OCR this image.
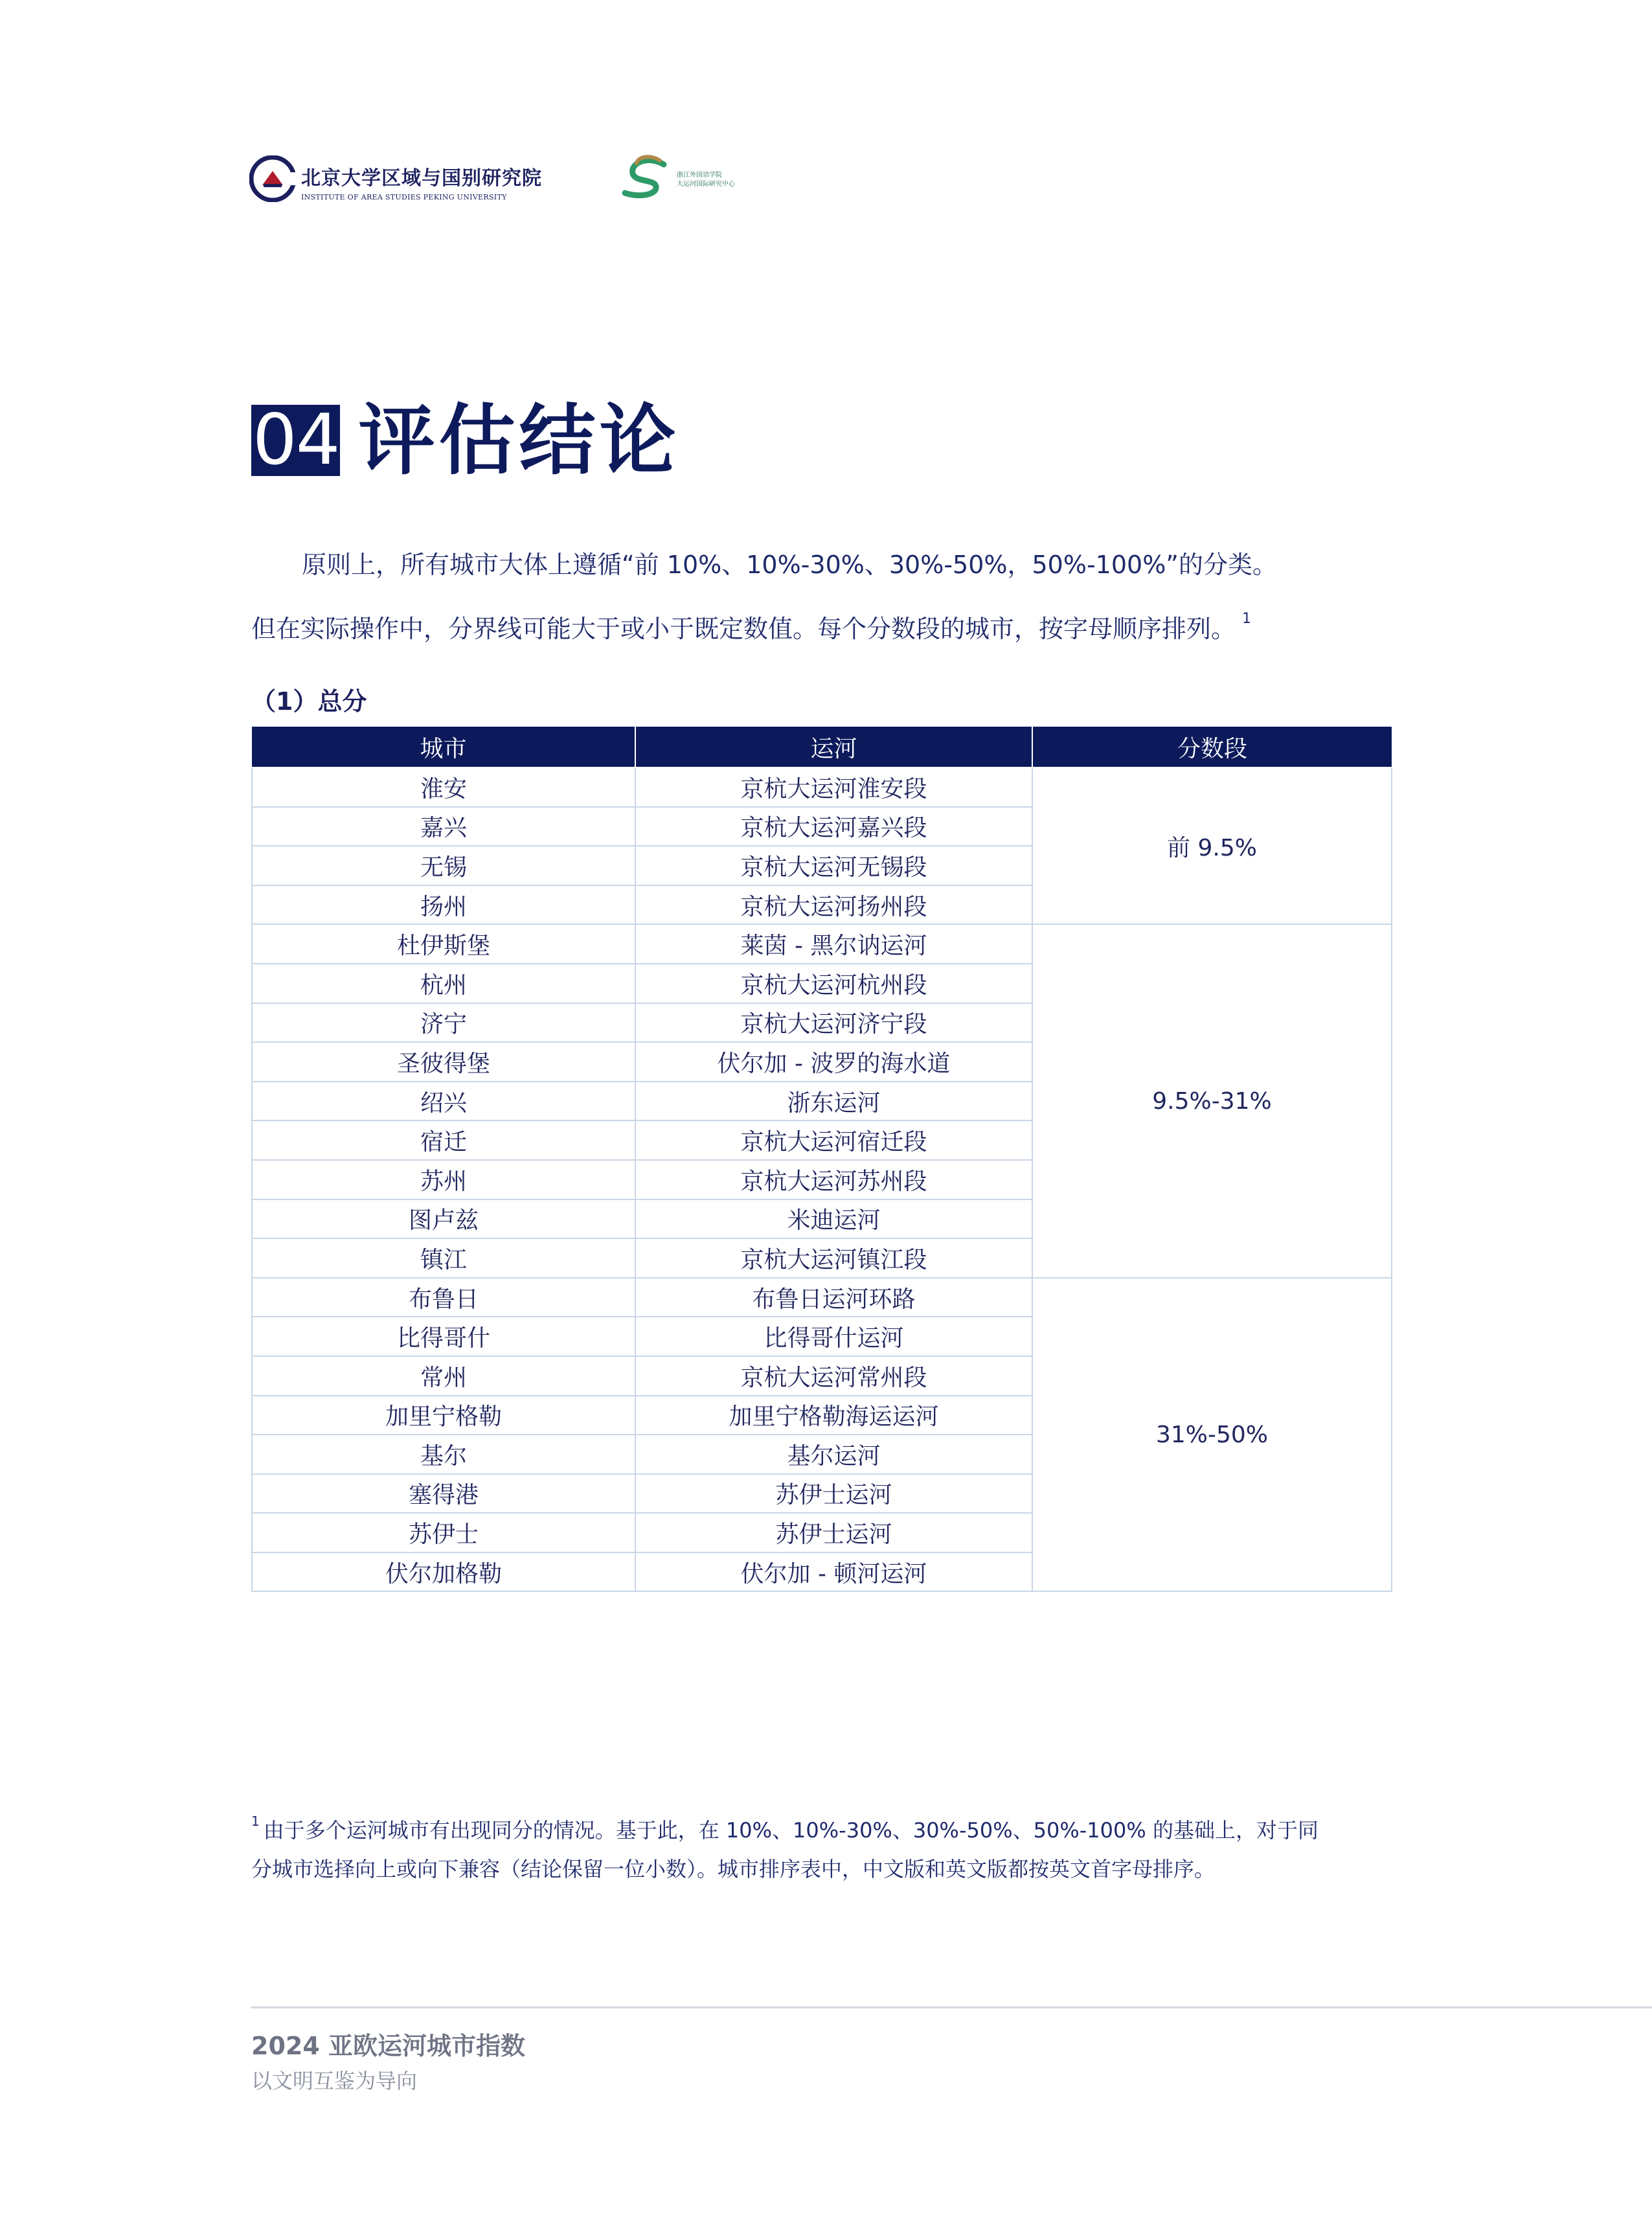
北京大学区域与国别研究院
INSTITUTE OF AREA STUDIES PEKING UNIVERSITY
浙江外国语学院
大运河国际研究中心
04 评估结论

原则上，所有城市大体上遵循“前 10%、10%-30%、30%-50%，50%-100%”的分类。

但在实际操作中，分界线可能大于或小于既定数值。每个分数段的城市，按字母顺序排列。 $^1$

（1）总分
城市	运河	分数段
淮安	京杭大运河淮安段	前 9.5%
嘉兴	京杭大运河嘉兴段	
无锡	京杭大运河无锡段	
扬州	京杭大运河扬州段	
杜伊斯堡	莱茵 - 黑尔讷运河	9.5%-31%
杭州	京杭大运河杭州段	
济宁	京杭大运河济宁段	
圣彼得堡	伏尔加 - 波罗的海水道	
绍兴	浙东运河	
宿迁	京杭大运河宿迁段	
苏州	京杭大运河苏州段	
图卢兹	米迪运河	
镇江	京杭大运河镇江段	
布鲁日	布鲁日运河环路	31%-50%
比得哥什	比得哥什运河	
常州	京杭大运河常州段	
加里宁格勒	加里宁格勒海运运河	
基尔	基尔运河	
塞得港	苏伊士运河	
苏伊士	苏伊士运河	
伏尔加格勒	伏尔加 - 顿河运河	

$^1$ 由于多个运河城市有出现同分的情况。基于此，在 10%、10%-30%、30%-50%、50%-100% 的基础上，对于同

分城市选择向上或向下兼容（结论保留一位小数）。城市排序表中，中文版和英文版都按英文首字母排序。

2024 亚欧运河城市指数
以文明互鉴为导向
